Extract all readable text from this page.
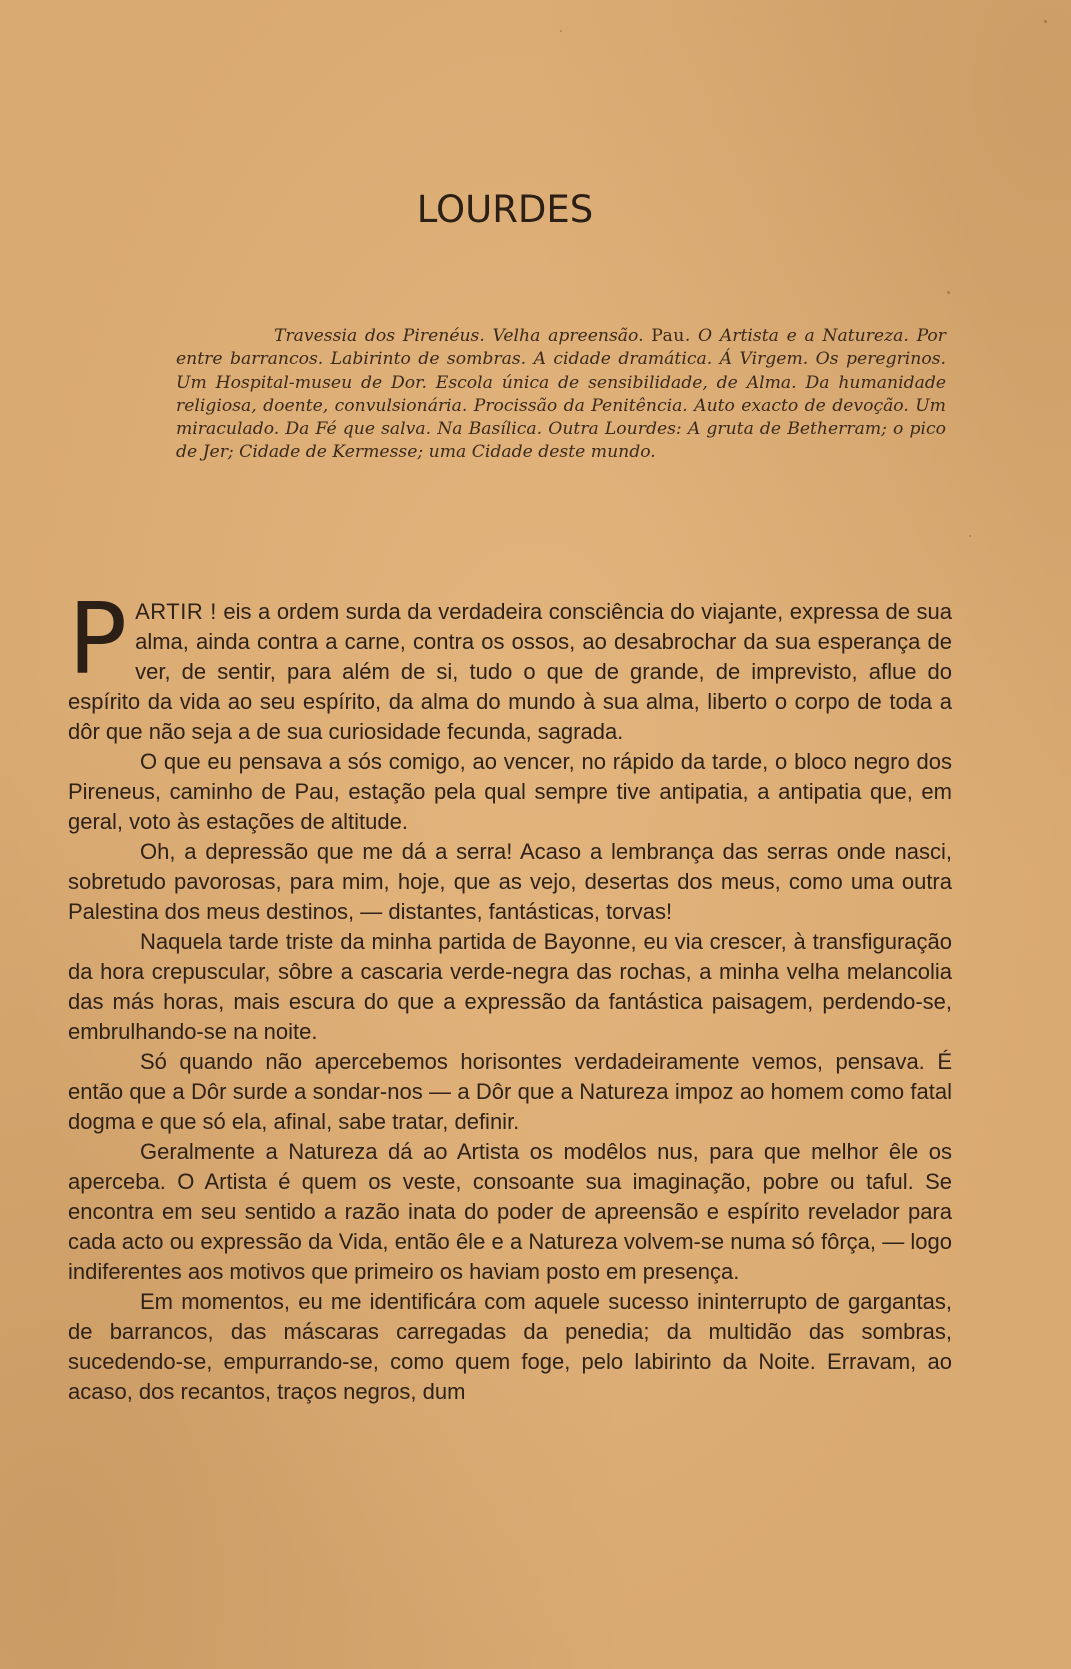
LOURDES

Travessia dos Pirenéus. Velha apreensão. Pau. O Artista e a Natureza. Por entre barrancos. Labirinto de sombras. A cidade dramática. Á Virgem. Os peregrinos. Um Hospital-museu de Dor. Escola única de sensibilidade, de Alma. Da humanidade religiosa, doente, convulsionária. Procissão da Penitência. Auto exacto de devoção. Um miraculado. Da Fé que salva. Na Basílica. Outra Lourdes: A gruta de Betherram; o pico de Jer; Cidade de Kermesse; uma Cidade deste mundo.

PARTIR ! eis a ordem surda da verdadeira consciência do viajante, expressa de sua alma, ainda contra a carne, contra os ossos, ao desabrochar da sua esperança de ver, de sentir, para além de si, tudo o que de grande, de imprevisto, aflue do espírito da vida ao seu espírito, da alma do mundo à sua alma, liberto o corpo de toda a dôr que não seja a de sua curiosidade fecunda, sagrada.

O que eu pensava a sós comigo, ao vencer, no rápido da tarde, o bloco negro dos Pireneus, caminho de Pau, estação pela qual sempre tive antipatia, a antipatia que, em geral, voto às estações de altitude.

Oh, a depressão que me dá a serra! Acaso a lembrança das serras onde nasci, sobretudo pavorosas, para mim, hoje, que as vejo, desertas dos meus, como uma outra Palestina dos meus destinos, — distantes, fantásticas, torvas!

Naquela tarde triste da minha partida de Bayonne, eu via crescer, à transfiguração da hora crepuscular, sôbre a cascaria verde-negra das rochas, a minha velha melancolia das más horas, mais escura do que a expressão da fantástica paisagem, perdendo-se, embrulhando-se na noite.

Só quando não apercebemos horisontes verdadeiramente vemos, pensava. É então que a Dôr surde a sondar-nos — a Dôr que a Natureza impoz ao homem como fatal dogma e que só ela, afinal, sabe tratar, definir.

Geralmente a Natureza dá ao Artista os modêlos nus, para que melhor êle os aperceba. O Artista é quem os veste, consoante sua imaginação, pobre ou taful. Se encontra em seu sentido a razão inata do poder de apreensão e espírito revelador para cada acto ou expressão da Vida, então êle e a Natureza volvem-se numa só fôrça, — logo indiferentes aos motivos que primeiro os haviam posto em presença.

Em momentos, eu me identificára com aquele sucesso ininterrupto de gargantas, de barrancos, das máscaras carregadas da penedia; da multidão das sombras, sucedendo-se, empurrando-se, como quem foge, pelo labirinto da Noite. Erravam, ao acaso, dos recantos, traços negros, dum
